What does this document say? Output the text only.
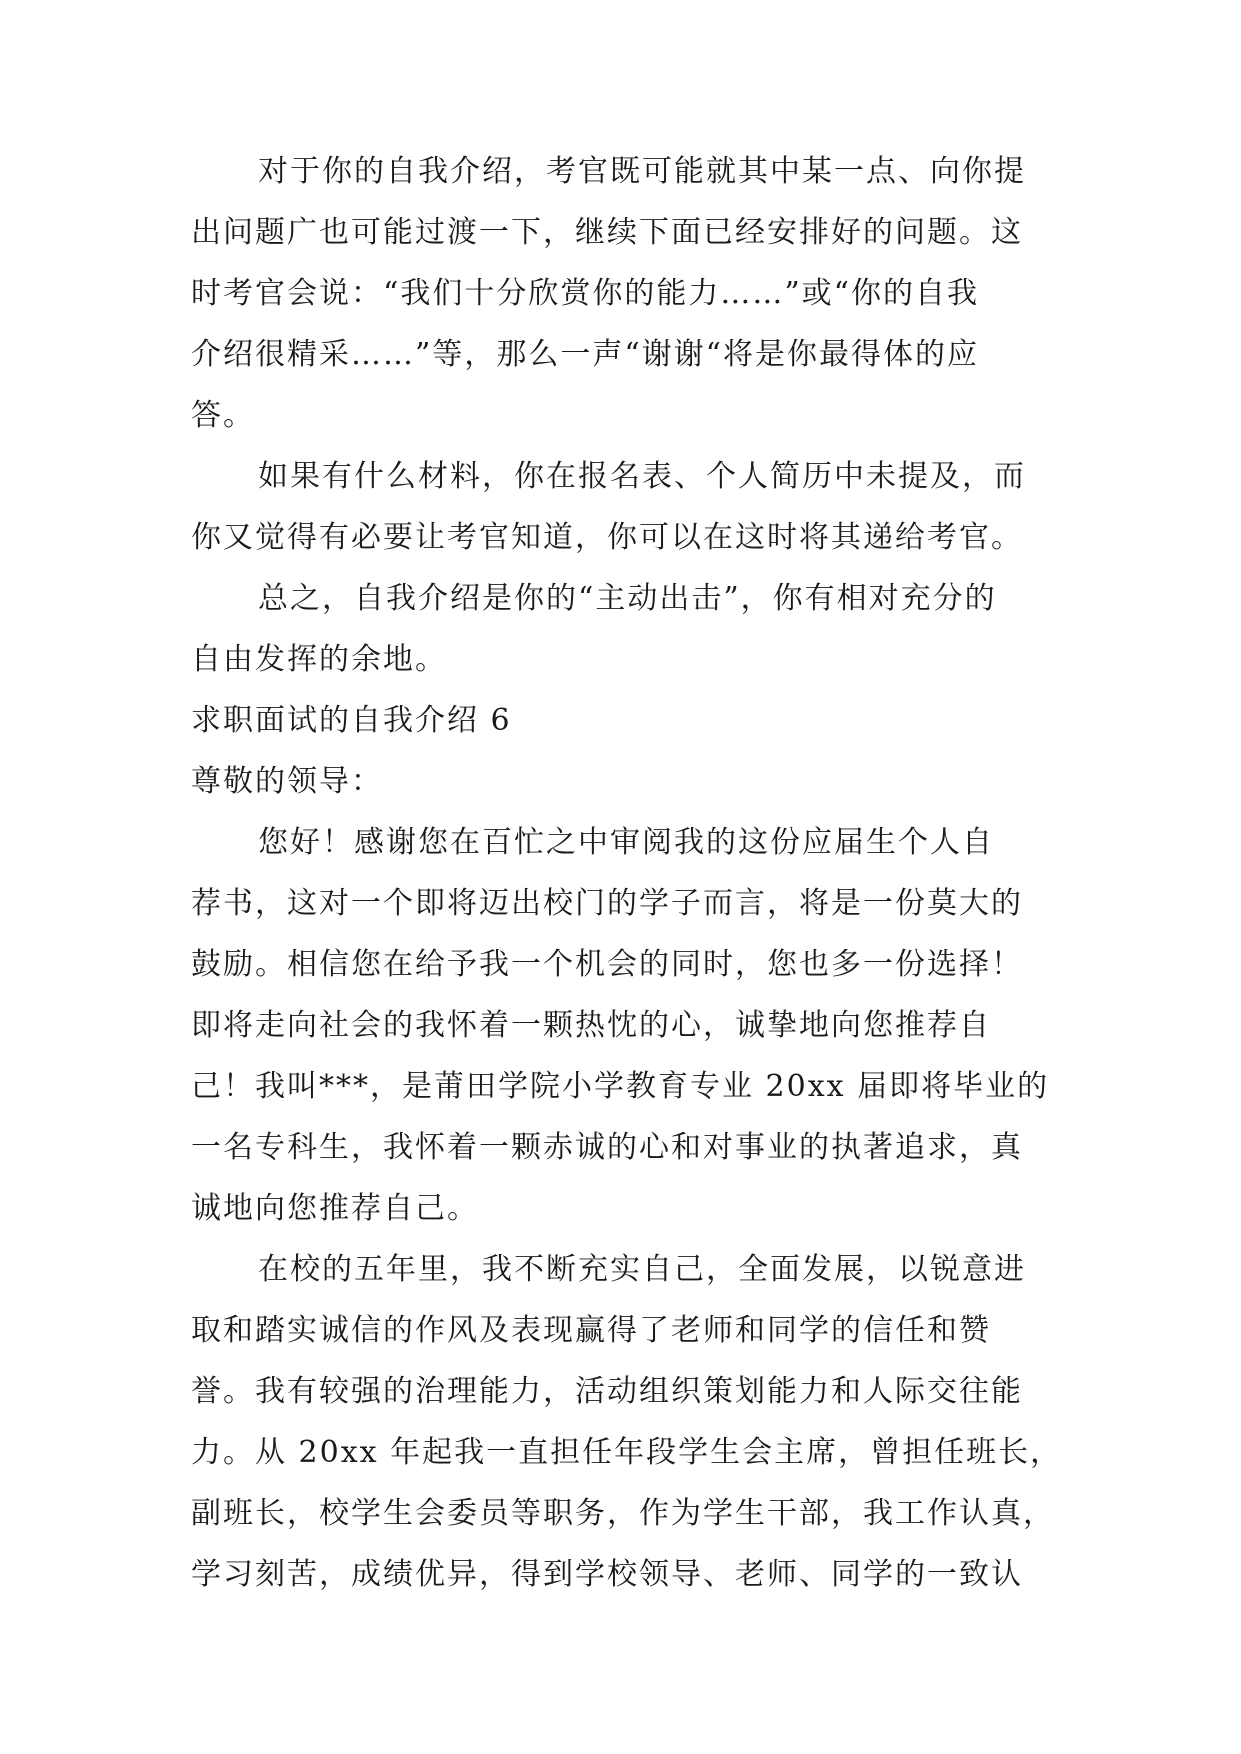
对于你的自我介绍，考官既可能就其中某一点、向你提
出问题广也可能过渡一下，继续下面已经安排好的问题。这
时考官会说：“我们十分欣赏你的能力……”或“你的自我
介绍很精采……”等，那么一声“谢谢“将是你最得体的应
答。
如果有什么材料，你在报名表、个人简历中未提及，而
你又觉得有必要让考官知道，你可以在这时将其递给考官。
总之，自我介绍是你的“主动出击”，你有相对充分的
自由发挥的余地。
求职面试的自我介绍 6
尊敬的领导：
您好！感谢您在百忙之中审阅我的这份应届生个人自
荐书，这对一个即将迈出校门的学子而言，将是一份莫大的
鼓励。相信您在给予我一个机会的同时，您也多一份选择！
即将走向社会的我怀着一颗热忱的心，诚挚地向您推荐自
己！我叫***，是莆田学院小学教育专业 20xx 届即将毕业的
一名专科生，我怀着一颗赤诚的心和对事业的执著追求，真
诚地向您推荐自己。
在校的五年里，我不断充实自己，全面发展，以锐意进
取和踏实诚信的作风及表现赢得了老师和同学的信任和赞
誉。我有较强的治理能力，活动组织策划能力和人际交往能
力。从 20xx 年起我一直担任年段学生会主席，曾担任班长，
副班长，校学生会委员等职务，作为学生干部，我工作认真，
学习刻苦，成绩优异，得到学校领导、老师、同学的一致认
